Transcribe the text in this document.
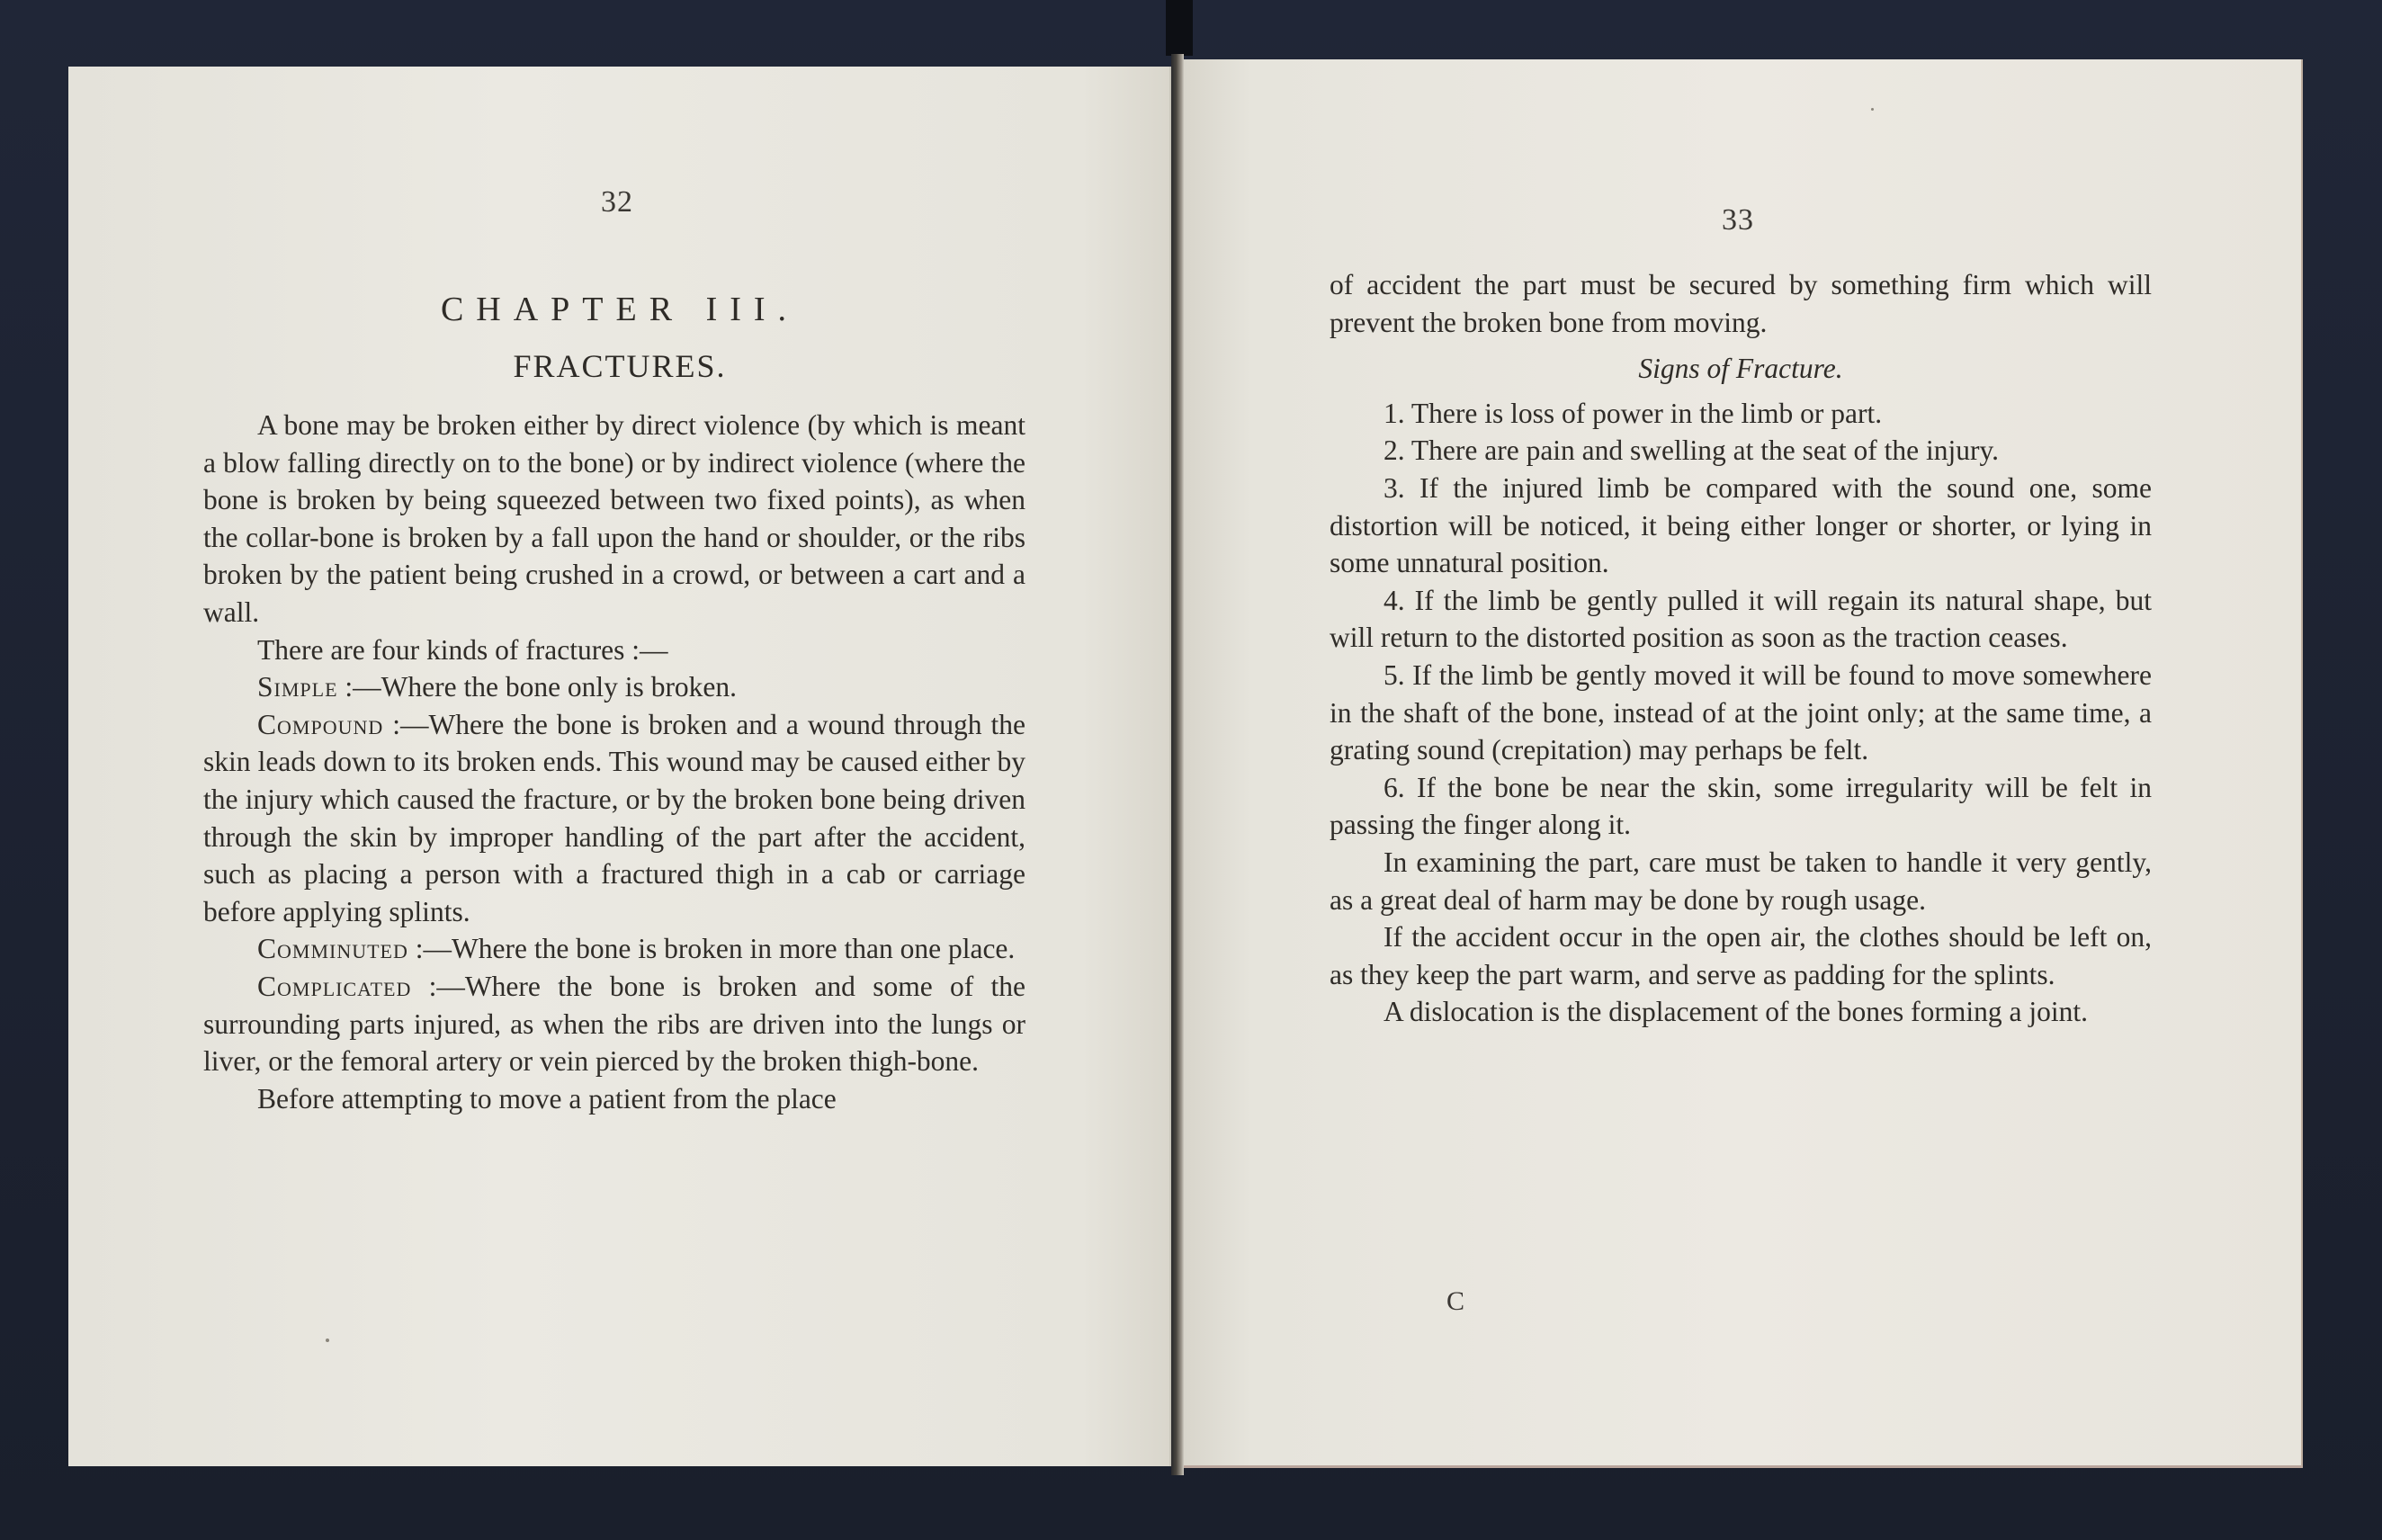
32
CHAPTER III.
FRACTURES.

A bone may be broken either by direct violence (by which is meant a blow falling directly on to the bone) or by indirect violence (where the bone is broken by being squeezed between two fixed points), as when the collar-bone is broken by a fall upon the hand or shoulder, or the ribs broken by the patient being crushed in a crowd, or between a cart and a wall.

There are four kinds of fractures :—

Simple :—Where the bone only is broken.

Compound :—Where the bone is broken and a wound through the skin leads down to its broken ends. This wound may be caused either by the injury which caused the fracture, or by the broken bone being driven through the skin by improper handling of the part after the accident, such as placing a person with a fractured thigh in a cab or carriage before applying splints.

Comminuted :—Where the bone is broken in more than one place.

Complicated :—Where the bone is broken and some of the surrounding parts injured, as when the ribs are driven into the lungs or liver, or the femoral artery or vein pierced by the broken thigh-bone.

Before attempting to move a patient from the place

33

of accident the part must be secured by something firm which will prevent the broken bone from moving.

Signs of Fracture.

1. There is loss of power in the limb or part.

2. There are pain and swelling at the seat of the injury.

3. If the injured limb be compared with the sound one, some distortion will be noticed, it being either longer or shorter, or lying in some unnatural position.

4. If the limb be gently pulled it will regain its natural shape, but will return to the distorted position as soon as the traction ceases.

5. If the limb be gently moved it will be found to move somewhere in the shaft of the bone, instead of at the joint only; at the same time, a grating sound (crepitation) may perhaps be felt.

6. If the bone be near the skin, some irregularity will be felt in passing the finger along it.

In examining the part, care must be taken to handle it very gently, as a great deal of harm may be done by rough usage.

If the accident occur in the open air, the clothes should be left on, as they keep the part warm, and serve as padding for the splints.

A dislocation is the displacement of the bones forming a joint.

C
